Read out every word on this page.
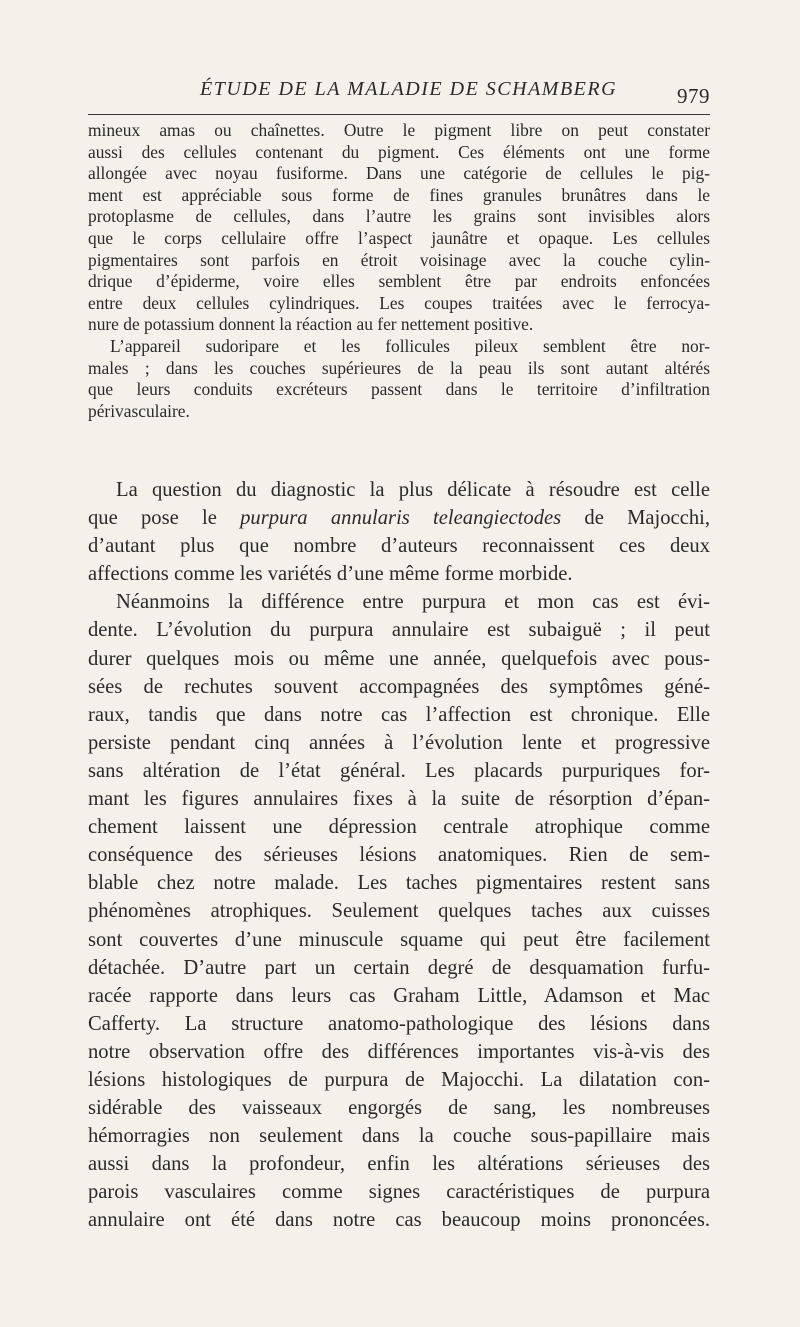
ÉTUDE DE LA MALADIE DE SCHAMBERG	979

mineux amas ou chaînettes. Outre le pigment libre on peut constater
aussi des cellules contenant du pigment. Ces éléments ont une forme
allongée avec noyau fusiforme. Dans une catégorie de cellules le pig-
ment est appréciable sous forme de fines granules brunâtres dans le
protoplasme de cellules, dans l’autre les grains sont invisibles alors
que le corps cellulaire offre l’aspect jaunâtre et opaque. Les cellules
pigmentaires sont parfois en étroit voisinage avec la couche cylin-
drique d’épiderme, voire elles semblent être par endroits enfoncées
entre deux cellules cylindriques. Les coupes traitées avec le ferrocya-
nure de potassium donnent la réaction au fer nettement positive.

L’appareil sudoripare et les follicules pileux semblent être nor-
males ; dans les couches supérieures de la peau ils sont autant altérés
que leurs conduits excréteurs passent dans le territoire d’infiltration
périvasculaire.

La question du diagnostic la plus délicate à résoudre est celle
que pose le purpura annularis teleangiectodes de Majocchi,
d’autant plus que nombre d’auteurs reconnaissent ces deux
affections comme les variétés d’une même forme morbide.

Néanmoins la différence entre purpura et mon cas est évi-
dente. L’évolution du purpura annulaire est subaiguë ; il peut
durer quelques mois ou même une année, quelquefois avec pous-
sées de rechutes souvent accompagnées des symptômes géné-
raux, tandis que dans notre cas l’affection est chronique. Elle
persiste pendant cinq années à l’évolution lente et progressive
sans altération de l’état général. Les placards purpuriques for-
mant les figures annulaires fixes à la suite de résorption d’épan-
chement laissent une dépression centrale atrophique comme
conséquence des sérieuses lésions anatomiques. Rien de sem-
blable chez notre malade. Les taches pigmentaires restent sans
phénomènes atrophiques. Seulement quelques taches aux cuisses
sont couvertes d’une minuscule squame qui peut être facilement
détachée. D’autre part un certain degré de desquamation furfu-
racée rapporte dans leurs cas Graham Little, Adamson et Mac
Cafferty. La structure anatomo-pathologique des lésions dans
notre observation offre des différences importantes vis-à-vis des
lésions histologiques de purpura de Majocchi. La dilatation con-
sidérable des vaisseaux engorgés de sang, les nombreuses
hémorragies non seulement dans la couche sous-papillaire mais
aussi dans la profondeur, enfin les altérations sérieuses des
parois vasculaires comme signes caractéristiques de purpura
annulaire ont été dans notre cas beaucoup moins prononcées.
